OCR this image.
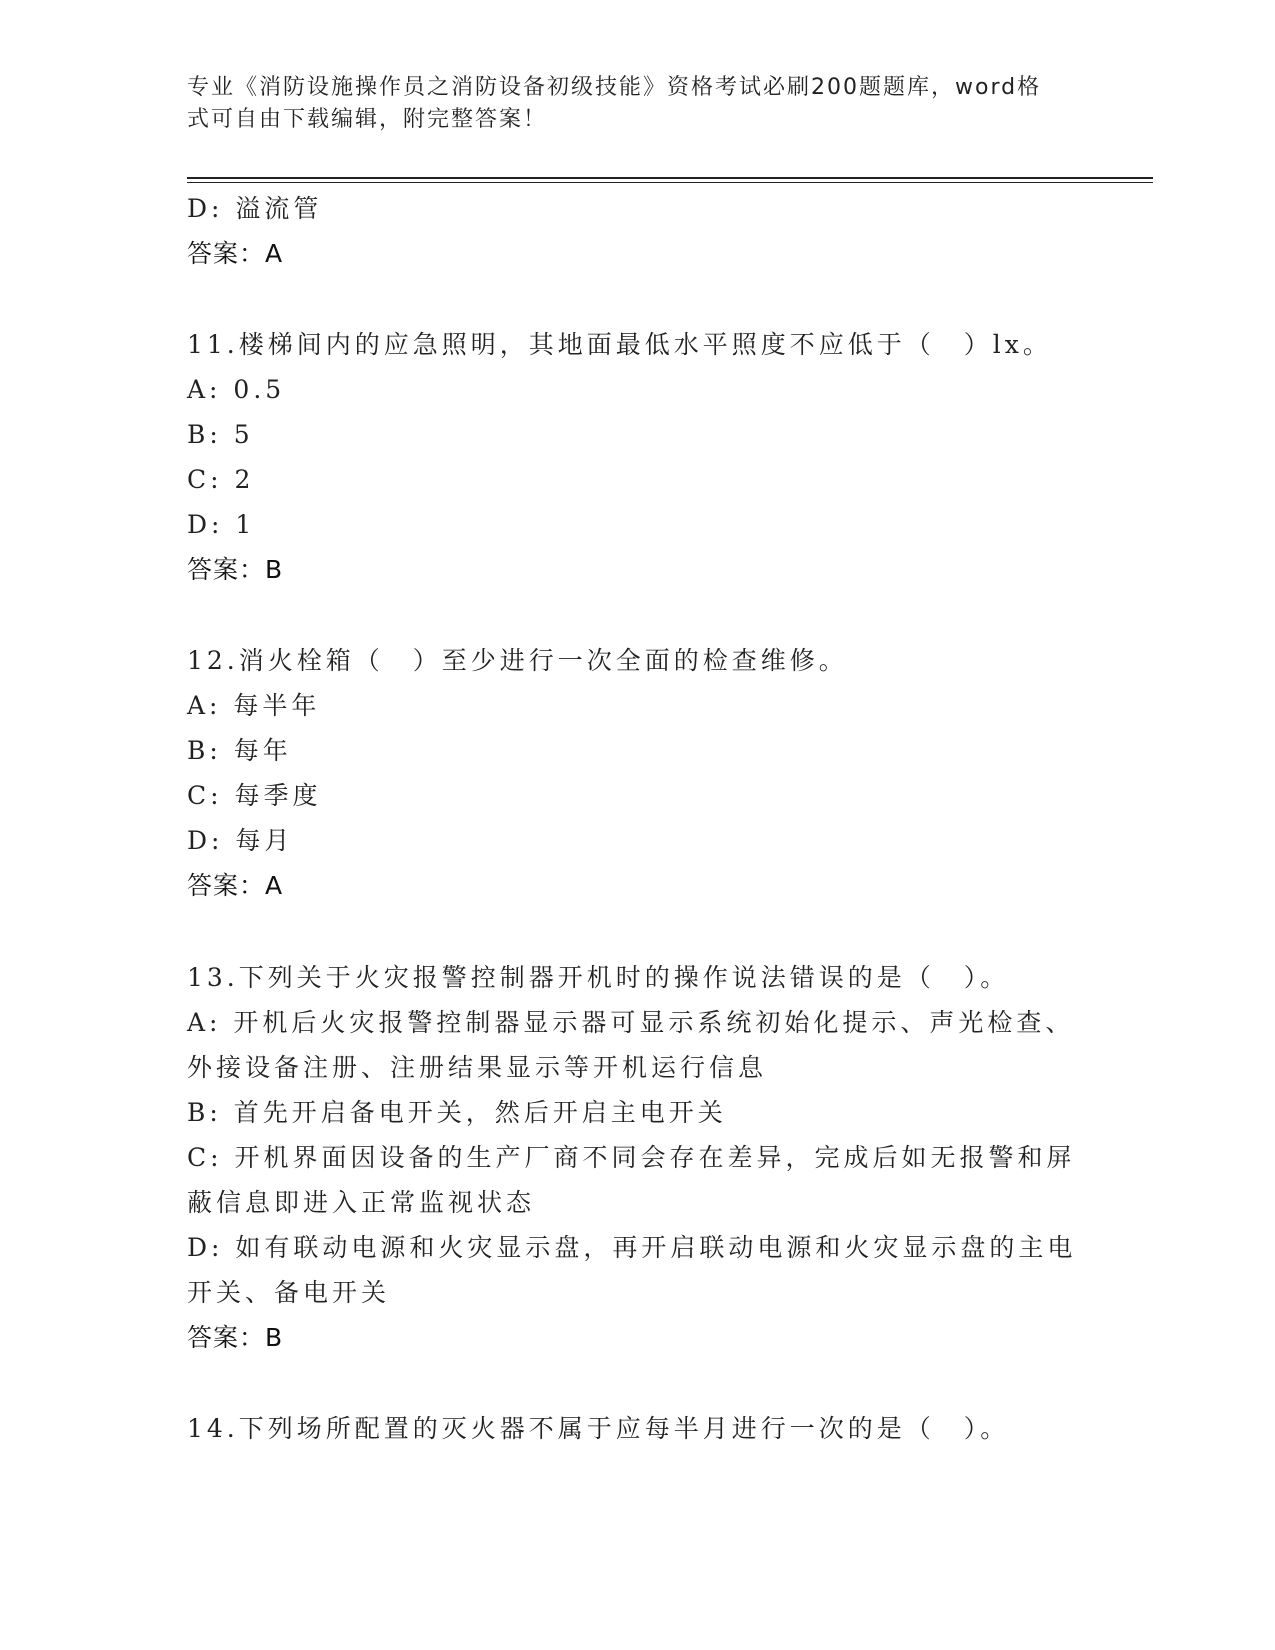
专业《消防设施操作员之消防设备初级技能》资格考试必刷200题题库，word格
式可自由下载编辑，附完整答案！
D: 溢流管
答案：A
11.楼梯间内的应急照明，其地面最低水平照度不应低于（　）lx。
A: 0.5
B: 5
C: 2
D: 1
答案：B
12.消火栓箱（　）至少进行一次全面的检查维修。
A: 每半年
B: 每年
C: 每季度
D: 每月
答案：A
13.下列关于火灾报警控制器开机时的操作说法错误的是（　）。
A: 开机后火灾报警控制器显示器可显示系统初始化提示、声光检查、
外接设备注册、注册结果显示等开机运行信息
B: 首先开启备电开关，然后开启主电开关
C: 开机界面因设备的生产厂商不同会存在差异，完成后如无报警和屏
蔽信息即进入正常监视状态
D: 如有联动电源和火灾显示盘，再开启联动电源和火灾显示盘的主电
开关、备电开关
答案：B
14.下列场所配置的灭火器不属于应每半月进行一次的是（　）。
